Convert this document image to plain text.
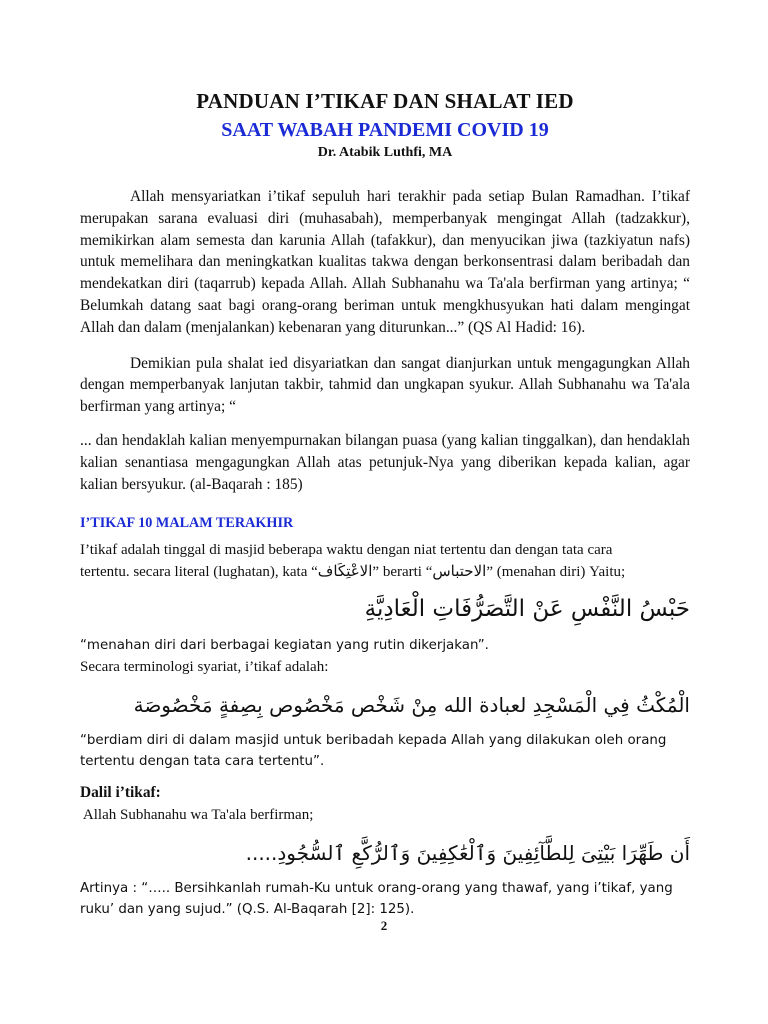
PANDUAN I’TIKAF DAN SHALAT IED
SAAT WABAH PANDEMI COVID 19

Dr. Atabik Luthfi, MA

Allah mensyariatkan i’tikaf sepuluh hari terakhir pada setiap Bulan Ramadhan. I’tikaf merupakan sarana evaluasi diri (muhasabah), memperbanyak mengingat Allah (tadzakkur), memikirkan alam semesta dan karunia Allah (tafakkur), dan menyucikan jiwa (tazkiyatun nafs) untuk memelihara dan meningkatkan kualitas takwa dengan berkonsentrasi dalam beribadah dan mendekatkan diri (taqarrub) kepada Allah. Allah Subhanahu wa Ta'ala berfirman yang artinya; “ Belumkah datang saat bagi orang-orang beriman untuk mengkhusyukan hati dalam mengingat Allah dan dalam (menjalankan) kebenaran yang diturunkan...” (QS Al Hadid: 16).

Demikian pula shalat ied disyariatkan dan sangat dianjurkan untuk mengagungkan Allah dengan memperbanyak lanjutan takbir, tahmid dan ungkapan syukur. Allah Subhanahu wa Ta'ala berfirman yang artinya; “

... dan hendaklah kalian menyempurnakan bilangan puasa (yang kalian tinggalkan), dan hendaklah kalian senantiasa mengagungkan Allah atas petunjuk-Nya yang diberikan kepada kalian, agar kalian bersyukur. (al-Baqarah : 185)

I’TIKAF 10 MALAM TERAKHIR
I’tikaf adalah tinggal di masjid beberapa waktu dengan niat tertentu dan dengan tata cara
tertentu. secara literal (lughatan), kata “الاعْتِكَاف” berarti “الاحتباس” (menahan diri) Yaitu;

حَبْسُ النَّفْسِ عَنْ التَّصَرُّفَاتِ الْعَادِيَّةِ

“menahan diri dari berbagai kegiatan yang rutin dikerjakan”.
Secara terminologi syariat, i’tikaf adalah:

الْمُكْثُ فِي الْمَسْجِدِ لعبادة الله مِنْ شَخْص مَخْصُوص بِصِفةٍ مَخْصُوصَة

“berdiam diri di dalam masjid untuk beribadah kepada Allah yang dilakukan oleh orang
tertentu dengan tata cara tertentu”.

Dalil i’tikaf:

Allah Subhanahu wa Ta'ala berfirman;

أَن طَهِّرَا بَيْتِىَ لِلطَّآئِفِينَ وَٱلْعَٰكِفِينَ وَٱلرُّكَّعِ ٱلسُّجُودِ.....

Artinya : “….. Bersihkanlah rumah-Ku untuk orang-orang yang thawaf, yang i’tikaf, yang
ruku’ dan yang sujud.” (Q.S. Al-Baqarah [2]: 125).
2
